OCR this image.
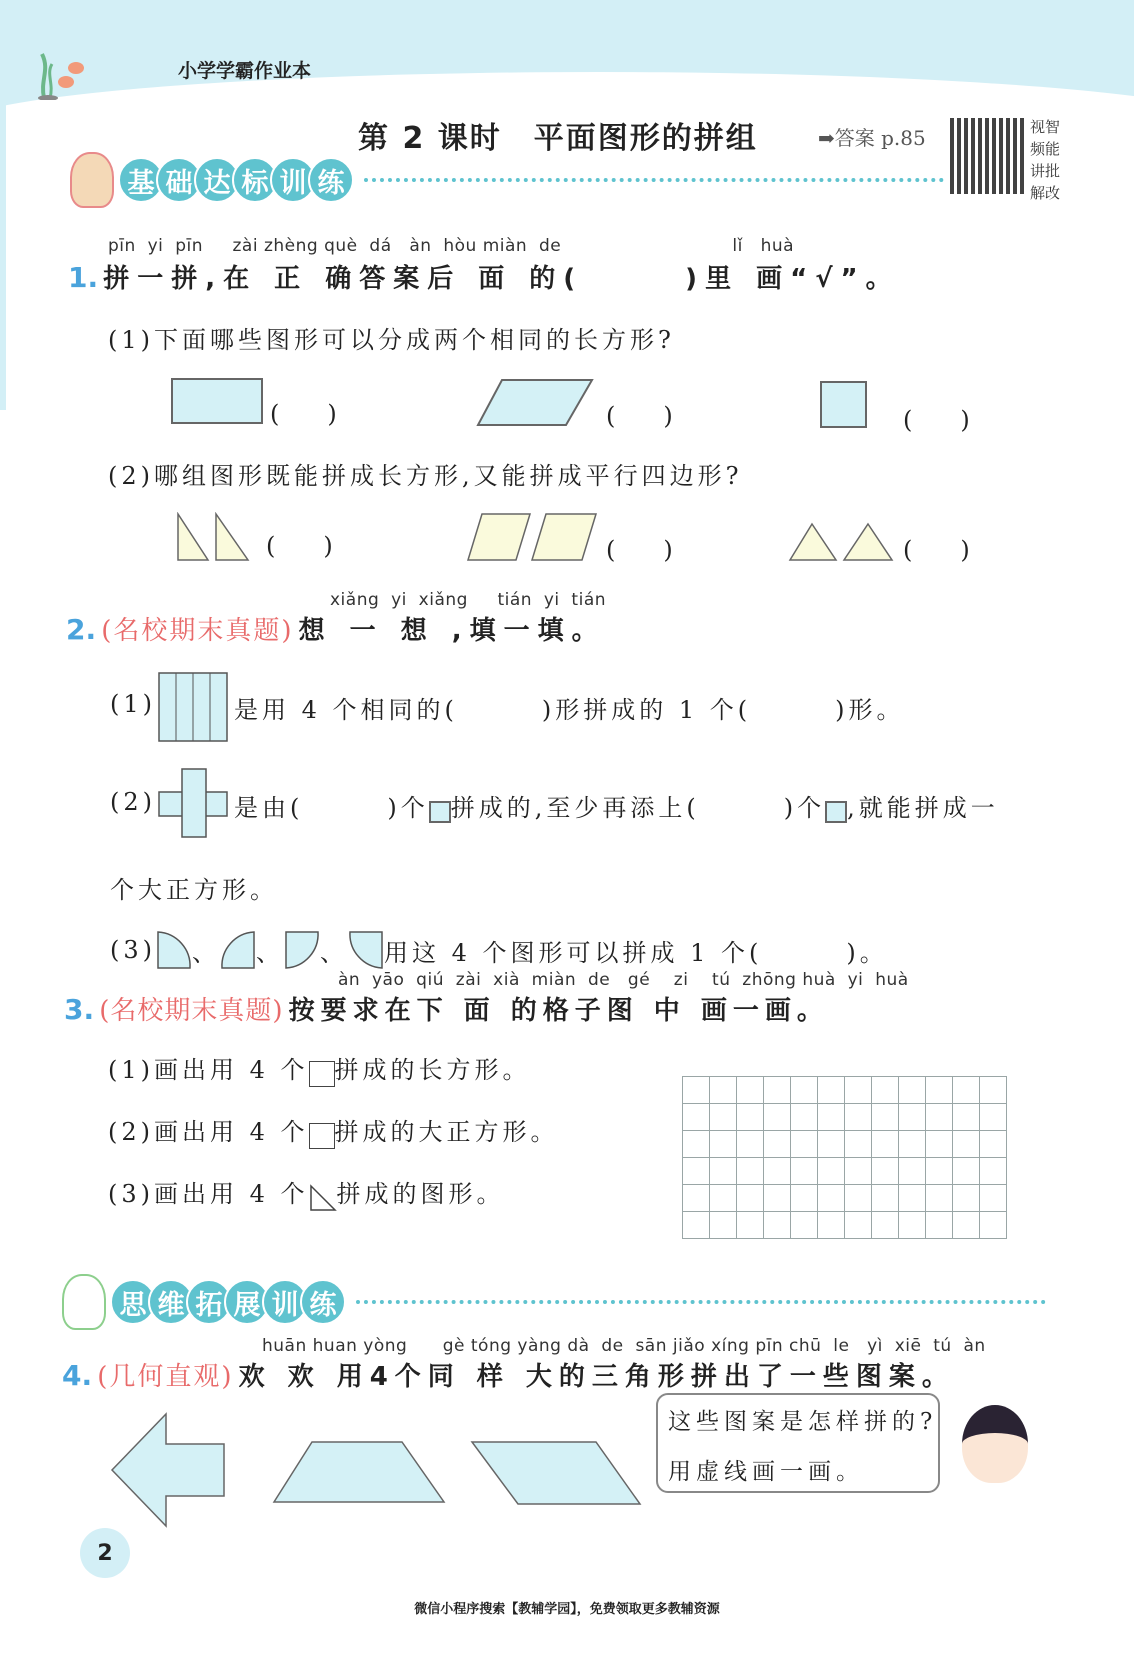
小学学霸作业本
第 2 课时　平面图形的拼组	➡答案 p.85	视智频能讲批解改
基 础 达 标 训 练
pīn  yi  pīn     zài zhèng què  dá   àn  hòu miàn  de                             lǐ   huà
1. 拼一拼,在 正 确答案后 面 的(　　　)里 画“√”。
(1)下面哪些图形可以分成两个相同的长方形?
(　　)	(　　)	(　　)
(2)哪组图形既能拼成长方形,又能拼成平行四边形?
(　　)	(　　)	(　　)
xiǎng  yi  xiǎng     tián  yi  tián
2. (名校期末真题) 想 一 想 ,填一填。
(1)	是用 4 个相同的(　　　)形拼成的 1 个(　　　)形。
(2)	是由(　　　)个 拼成的,至少再添上(　　　)个 ,就能拼成一
个大正方形。
(3) 、 、 、 用这 4 个图形可以拼成 1 个(　　　)。
àn  yāo  qiú  zài  xià  miàn  de   gé    zi    tú  zhōng huà  yi  huà
3. (名校期末真题) 按要求在下 面 的格子图 中 画一画。
(1)画出用 4 个 拼成的长方形。
(2)画出用 4 个 拼成的大正方形。
(3)画出用 4 个 拼成的图形。

思 维 拓 展 训 练
huān huan yòng      gè tóng yàng dà  de  sān jiǎo xíng pīn chū  le   yì  xiē  tú  àn
4. (几何直观) 欢 欢 用4个同 样 大的三角形拼出了一些图案。
这些图案是怎样拼的?
用虚线画一画。
2
微信小程序搜索【教辅学园】，免费领取更多教辅资源
